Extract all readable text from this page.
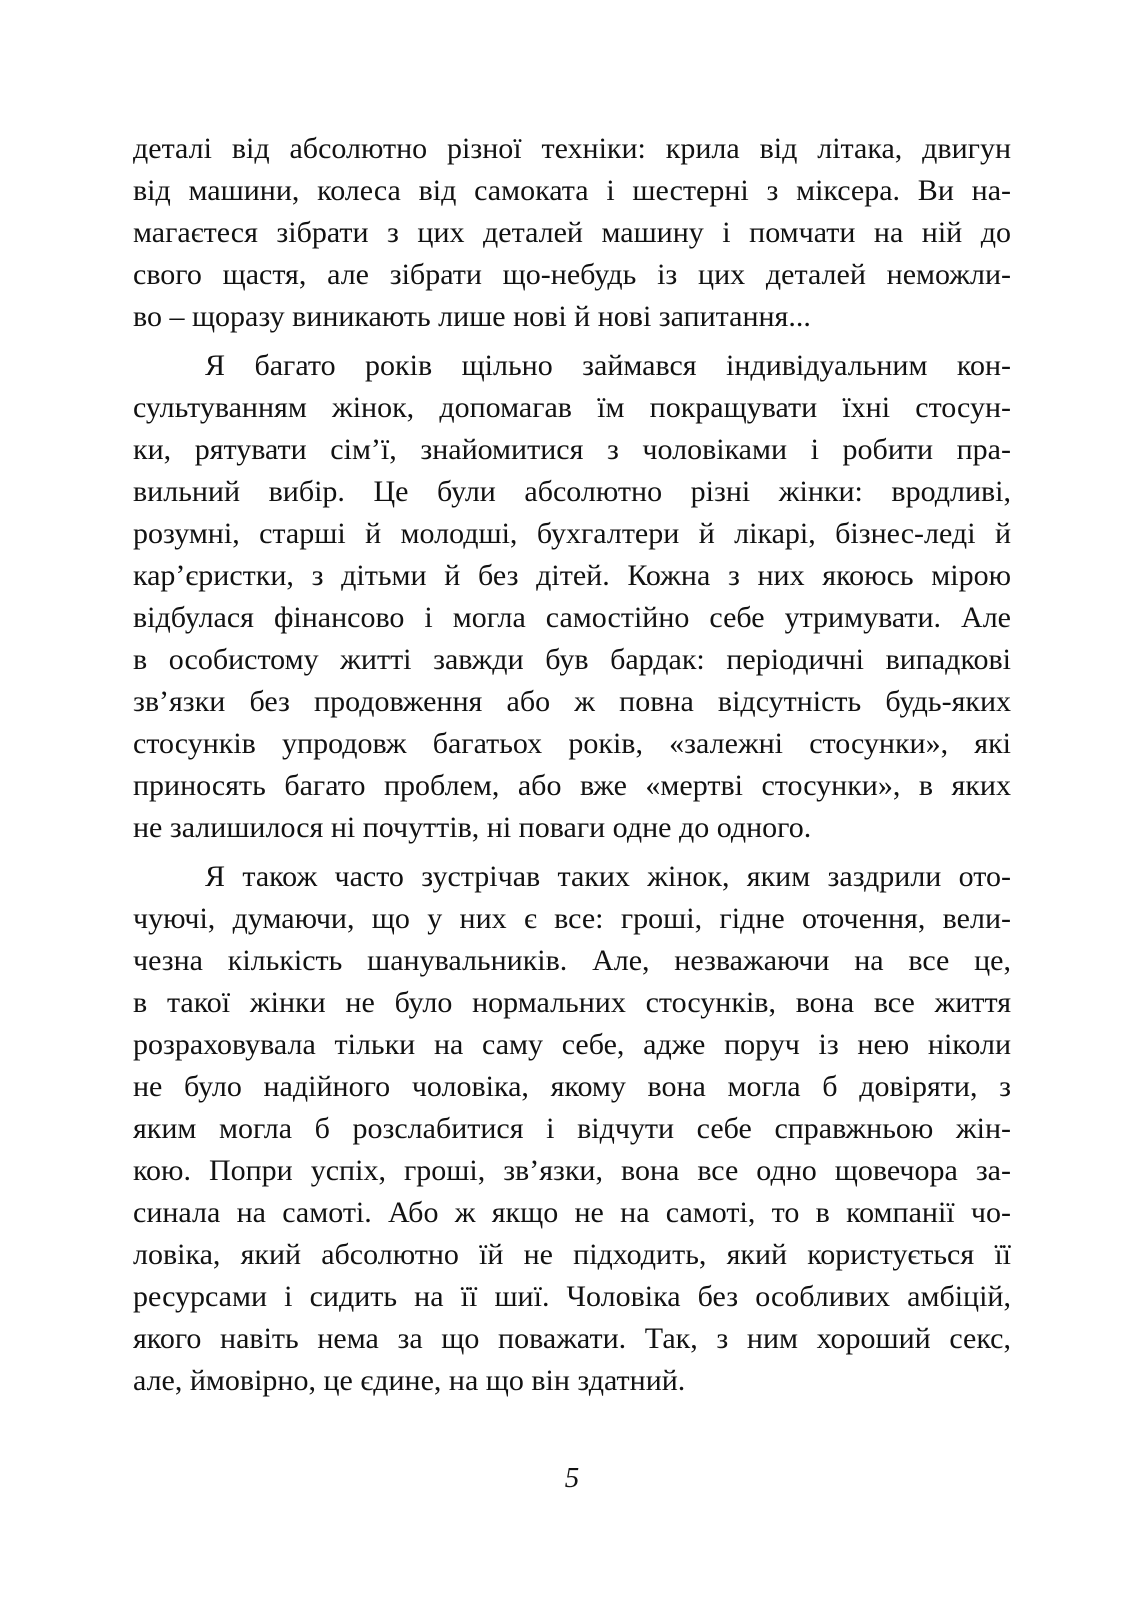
деталі від абсолютно різної техніки: крила від літака, двигун
від машини, колеса від самоката і шестерні з міксера. Ви на-
магаєтеся зібрати з цих деталей машину і помчати на ній до
свого щастя, але зібрати що-небудь із цих деталей неможли-
во – щоразу виникають лише нові й нові запитання...
Я багато років щільно займався індивідуальним кон-
сультуванням жінок, допомагав їм покращувати їхні стосун-
ки, рятувати сім’ї, знайомитися з чоловіками і робити пра-
вильний вибір. Це були абсолютно різні жінки: вродливі,
розумні, старші й молодші, бухгалтери й лікарі, бізнес-леді й
кар’єристки, з дітьми й без дітей. Кожна з них якоюсь мірою
відбулася фінансово і могла самостійно себе утримувати. Але
в особистому житті завжди був бардак: періодичні випадкові
зв’язки без продовження або ж повна відсутність будь-яких
стосунків упродовж багатьох років, «залежні стосунки», які
приносять багато проблем, або вже «мертві стосунки», в яких
не залишилося ні почуттів, ні поваги одне до одного.
Я також часто зустрічав таких жінок, яким заздрили ото-
чуючі, думаючи, що у них є все: гроші, гідне оточення, вели-
чезна кількість шанувальників. Але, незважаючи на все це,
в такої жінки не було нормальних стосунків, вона все життя
розраховувала тільки на саму себе, адже поруч із нею ніколи
не було надійного чоловіка, якому вона могла б довіряти, з
яким могла б розслабитися і відчути себе справжньою жін-
кою. Попри успіх, гроші, зв’язки, вона все одно щовечора за-
синала на самоті. Або ж якщо не на самоті, то в компанії чо-
ловіка, який абсолютно їй не підходить, який користується її
ресурсами і сидить на її шиї. Чоловіка без особливих амбіцій,
якого навіть нема за що поважати. Так, з ним хороший секс,
але, ймовірно, це єдине, на що він здатний.
5
